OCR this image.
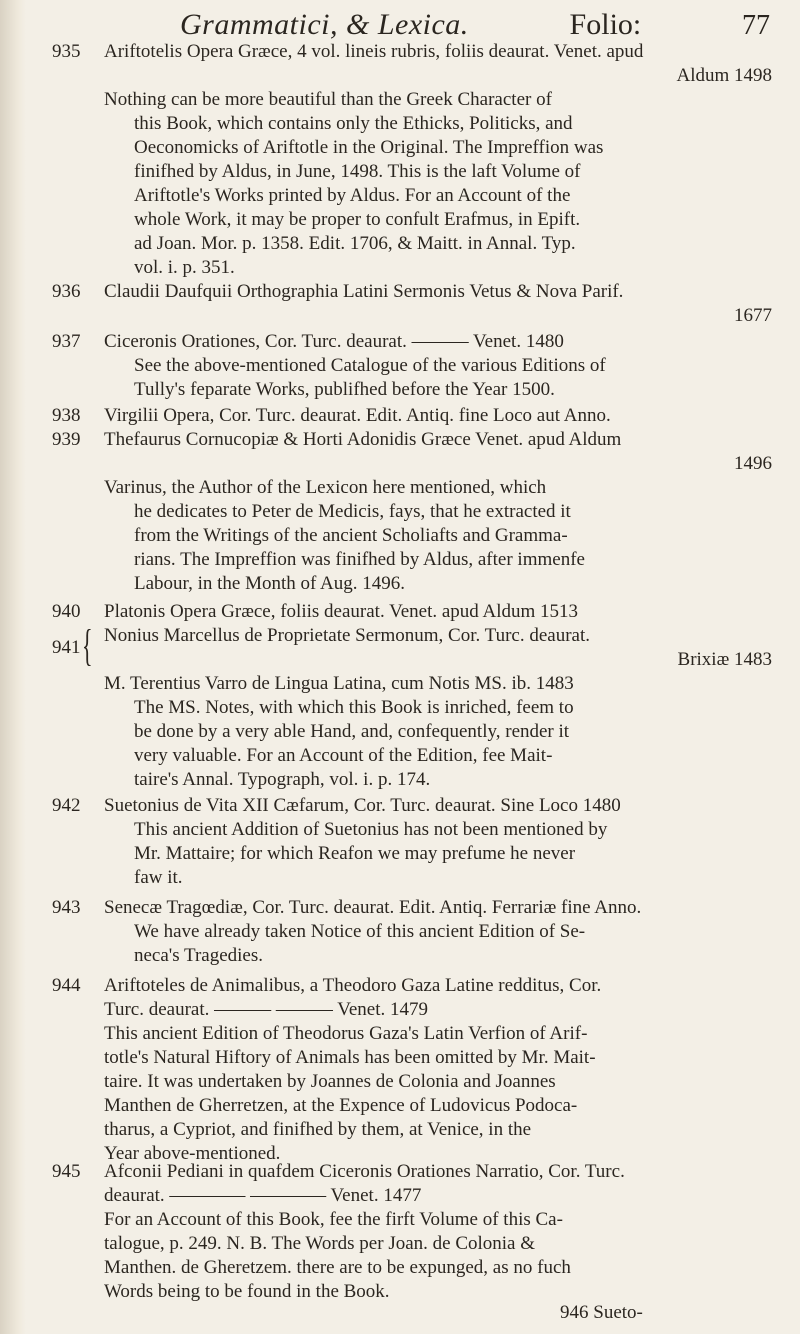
Grammatici, & Lexica.	Folio:	77
935	Ariftotelis Opera Græce, 4 vol. lineis rubris, foliis deaurat. Venet. apud
Aldum 1498
Nothing can be more beautiful than the Greek Character of
this Book, which contains only the Ethicks, Politicks, and
Oeconomicks of Ariftotle in the Original. The Impreffion was
finifhed by Aldus, in June, 1498. This is the laft Volume of
Ariftotle's Works printed by Aldus. For an Account of the
whole Work, it may be proper to confult Erafmus, in Epift.
ad Joan. Mor. p. 1358. Edit. 1706, & Maitt. in Annal. Typ.
vol. i. p. 351.
936	Claudii Daufquii Orthographia Latini Sermonis Vetus & Nova Parif.
1677
937	Ciceronis Orationes, Cor. Turc. deaurat. ——— Venet. 1480
See the above-mentioned Catalogue of the various Editions of
Tully's feparate Works, publifhed before the Year 1500.
938	Virgilii Opera, Cor. Turc. deaurat. Edit. Antiq. fine Loco aut Anno.
939	Thefaurus Cornucopiæ & Horti Adonidis Græce Venet. apud Aldum
1496
Varinus, the Author of the Lexicon here mentioned, which
he dedicates to Peter de Medicis, fays, that he extracted it
from the Writings of the ancient Scholiafts and Gramma-
rians. The Impreffion was finifhed by Aldus, after immenfe
Labour, in the Month of Aug. 1496.
940	Platonis Opera Græce, foliis deaurat. Venet. apud Aldum 1513
941 { Nonius Marcellus de Proprietate Sermonum, Cor. Turc. deaurat.
Brixiæ 1483
M. Terentius Varro de Lingua Latina, cum Notis MS. ib. 1483
The MS. Notes, with which this Book is inriched, feem to
be done by a very able Hand, and, confequently, render it
very valuable. For an Account of the Edition, fee Mait-
taire's Annal. Typograph, vol. i. p. 174.
942	Suetonius de Vita XII Cæfarum, Cor. Turc. deaurat. Sine Loco 1480
This ancient Addition of Suetonius has not been mentioned by
Mr. Mattaire; for which Reafon we may prefume he never
faw it.
943	Senecæ Tragœdiæ, Cor. Turc. deaurat. Edit. Antiq. Ferrariæ fine Anno.
We have already taken Notice of this ancient Edition of Se-
neca's Tragedies.
944	Ariftoteles de Animalibus, a Theodoro Gaza Latine redditus, Cor.
Turc. deaurat. ——— ——— Venet. 1479
This ancient Edition of Theodorus Gaza's Latin Verfion of Arif-
totle's Natural Hiftory of Animals has been omitted by Mr. Mait-
taire. It was undertaken by Joannes de Colonia and Joannes
Manthen de Gherretzen, at the Expence of Ludovicus Podoca-
tharus, a Cypriot, and finifhed by them, at Venice, in the
Year above-mentioned.
945	Afconii Pediani in quafdem Ciceronis Orationes Narratio, Cor. Turc.
deaurat. ———— ———— Venet. 1477
For an Account of this Book, fee the firft Volume of this Ca-
talogue, p. 249. N. B. The Words per Joan. de Colonia &
Manthen. de Gheretzem. there are to be expunged, as no fuch
Words being to be found in the Book.
946 Sueto-
